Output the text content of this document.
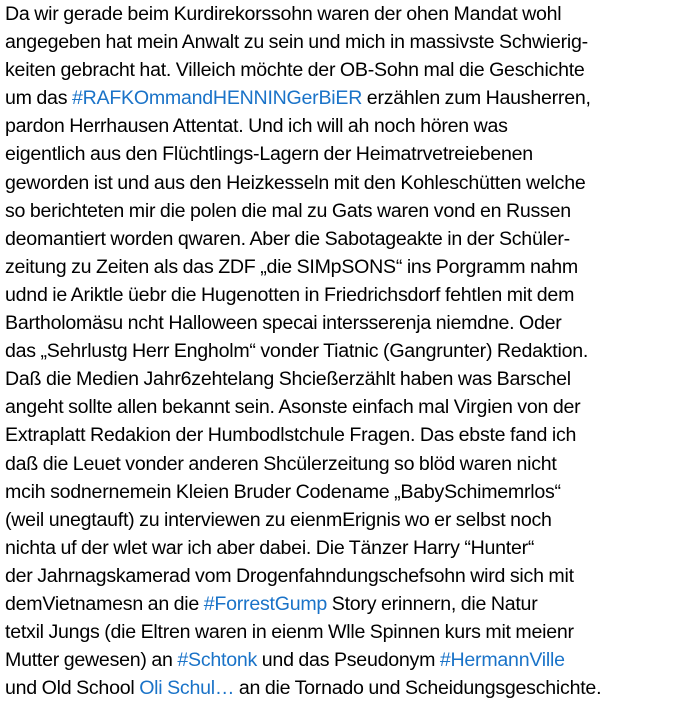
Da wir gerade beim Kurdirekorssohn waren der ohen Mandat wohl
angegeben hat mein Anwalt zu sein und mich in massivste Schwierig-
keiten gebracht hat. Villeich möchte der OB-Sohn mal die Geschichte
um das #RAFKOmmandHENNINGerBiER erzählen zum Hausherren,
pardon Herrhausen Attentat. Und ich will ah noch hören was
eigentlich aus den Flüchtlings-Lagern der Heimatrvetreiebenen
geworden ist und aus den Heizkesseln mit den Kohleschütten welche
so berichteten mir die polen die mal zu Gats waren vond en Russen
deomantiert worden qwaren. Aber die Sabotageakte in der Schüler-
zeitung zu Zeiten als das ZDF „die SIMpSONS“ ins Porgramm nahm
udnd ie Ariktle üebr die Hugenotten in Friedrichsdorf fehtlen mit dem
Bartholomäsu ncht Halloween specai intersserenja niemdne. Oder
das „Sehrlustg Herr Engholm“ vonder Tiatnic (Gangrunter) Redaktion.
Daß die Medien Jahr6zehtelang Shcießerzählt haben was Barschel
angeht sollte allen bekannt sein. Asonste einfach mal Virgien von der
Extraplatt Redakion der Humbodlstchule Fragen. Das ebste fand ich
daß die Leuet vonder anderen Shcülerzeitung so blöd waren nicht
mcih sodnernemein Kleien Bruder Codename „BabySchimemrlos“
(weil unegtauft) zu interviewen zu eienmErignis wo er selbst noch
nichta uf der wlet war ich aber dabei. Die Tänzer Harry “Hunter“
der Jahrnagskamerad vom Drogenfahndungschefsohn wird sich mit
demVietnamesn an die #ForrestGump Story erinnern, die Natur
tetxil Jungs (die Eltren waren in eienm Wlle Spinnen kurs mit meienr
Mutter gewesen) an #Schtonk und das Pseudonym #HermannVille
und Old School Oli Schul… an die Tornado und Scheidungsgeschichte.
